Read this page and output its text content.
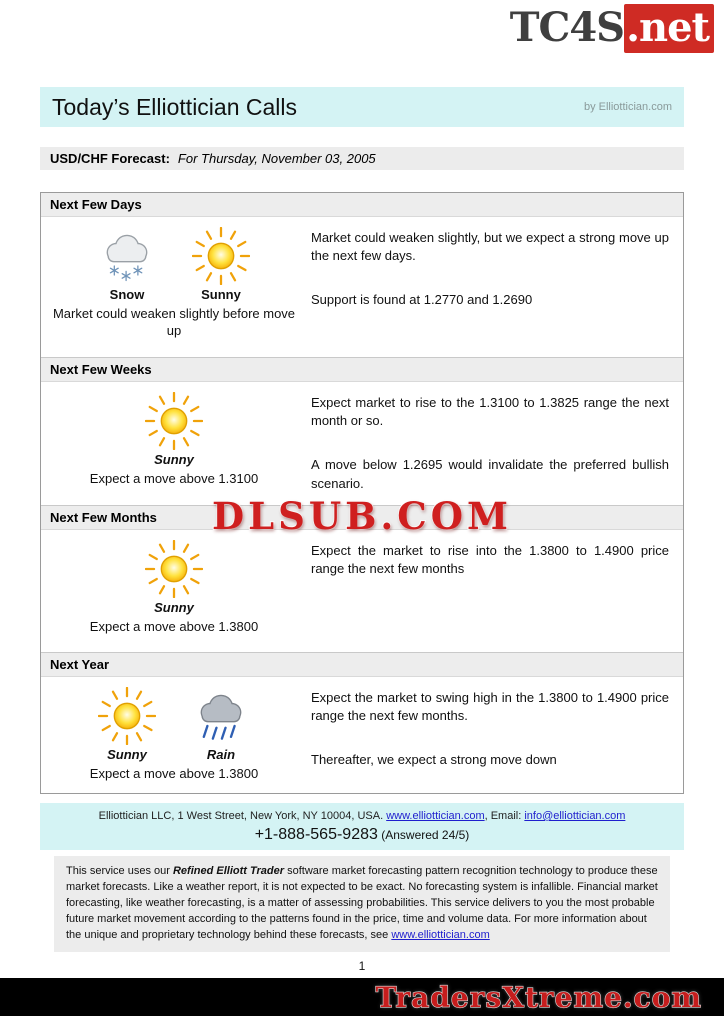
TC4S.net
Today’s Elliottician Calls	by Elliottician.com
USD/CHF Forecast: For Thursday, November 03, 2005
Next Few Days
Snow	Sunny
Market could weaken slightly before move up

Market could weaken slightly, but we expect a strong move up the next few days.

Support is found at 1.2770 and 1.2690

Next Few Weeks
Sunny
Expect a move above 1.3100

Expect market to rise to the 1.3100 to 1.3825 range the next month or so.

A move below 1.2695 would invalidate the preferred bullish scenario.

Next Few Months
Sunny
Expect a move above 1.3800

Expect the market to rise into the 1.3800 to 1.4900 price range the next few months

Next Year
Sunny	Rain
Expect a move above 1.3800

Expect the market to swing high in the 1.3800 to 1.4900 price range the next few months.

Thereafter, we expect a strong move down

Elliottician LLC, 1 West Street, New York, NY 10004, USA. www.elliottician.com, Email: info@elliottician.com
+1-888-565-9283 (Answered 24/5)
This service uses our Refined Elliott Trader software market forecasting pattern recognition technology to produce these market forecasts. Like a weather report, it is not expected to be exact. No forecasting system is infallible. Financial market forecasting, like weather forecasting, is a matter of assessing probabilities. This service delivers to you the most probable future market movement according to the patterns found in the price, time and volume data. For more information about the unique and proprietary technology behind these forecasts, see www.elliottician.com
1
DLSUB.COM
TradersXtreme.com
